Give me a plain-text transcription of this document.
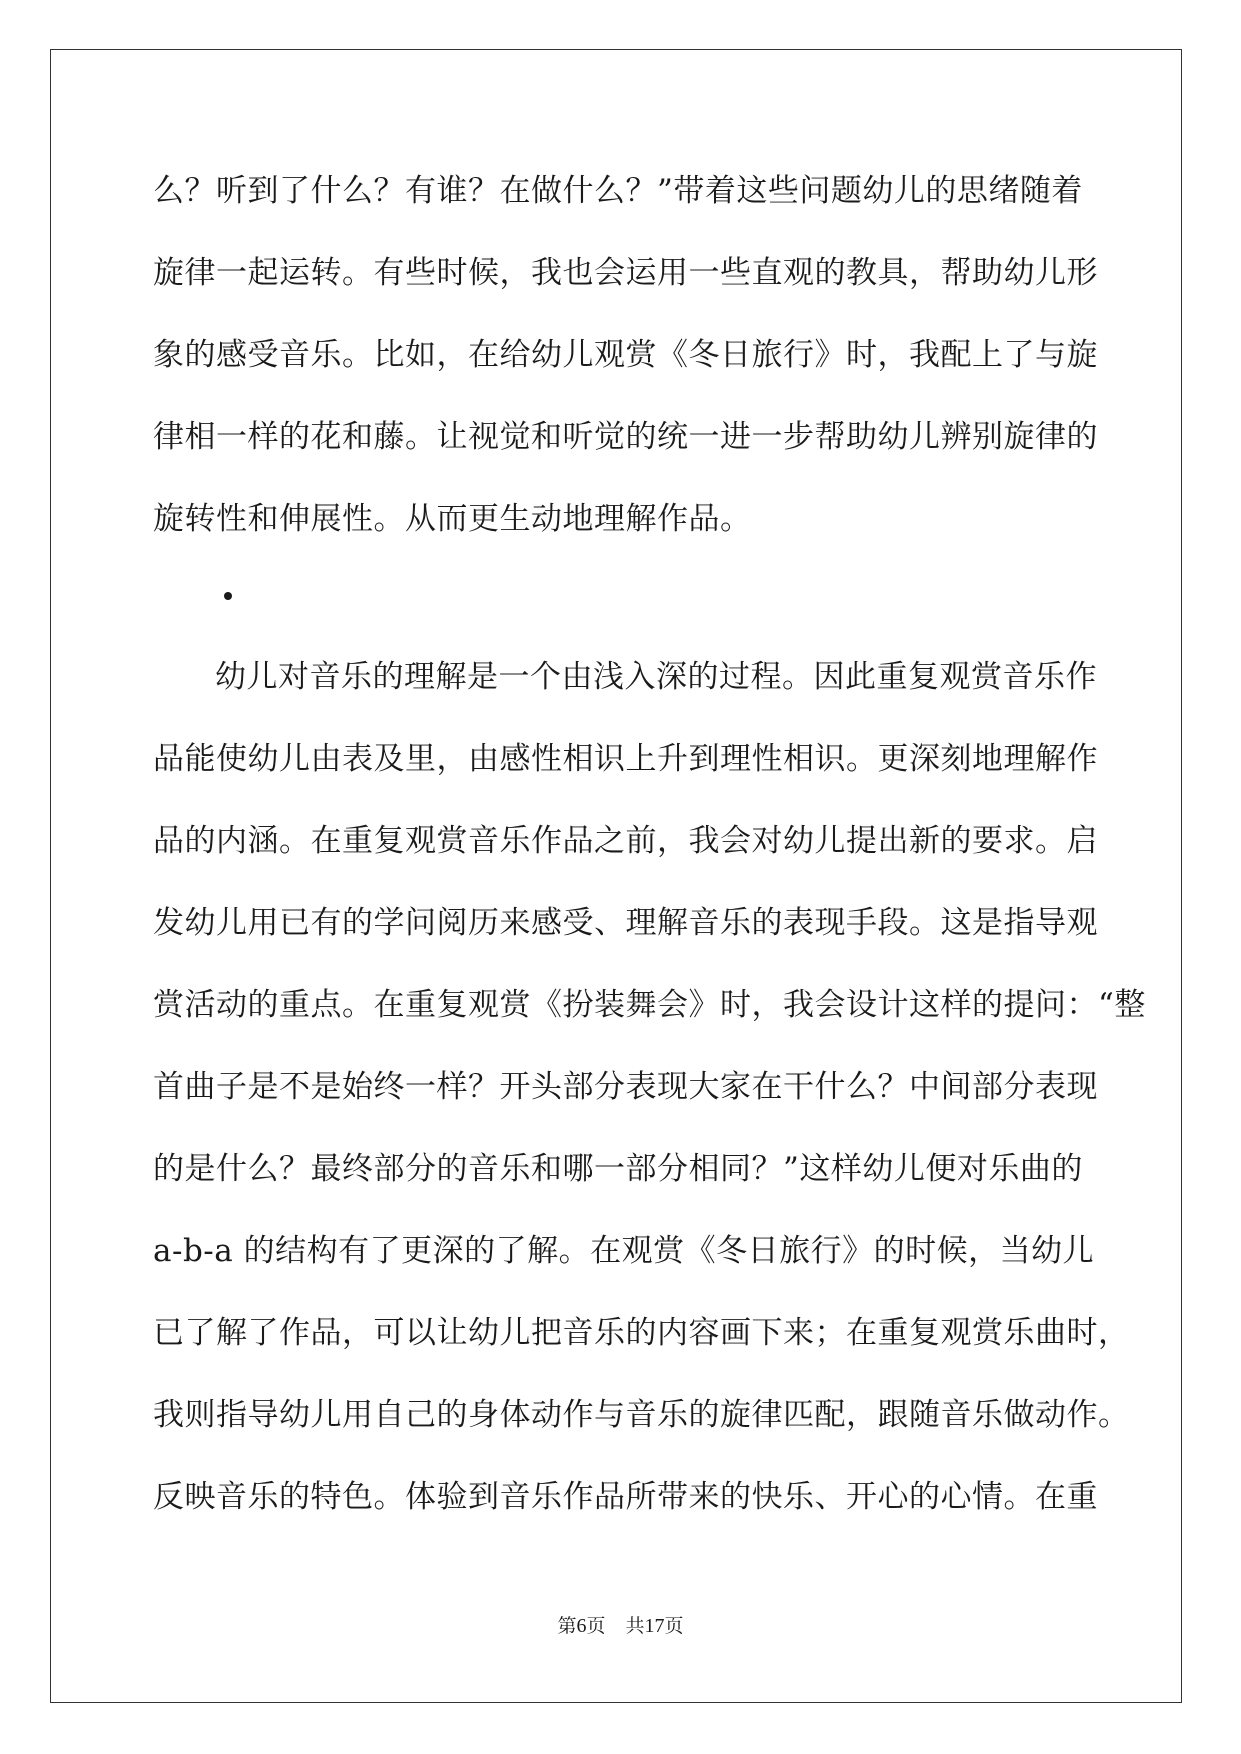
么？听到了什么？有谁？在做什么？”带着这些问题幼儿的思绪随着
旋律一起运转。有些时候，我也会运用一些直观的教具，帮助幼儿形
象的感受音乐。比如，在给幼儿观赏《冬日旅行》时，我配上了与旋
律相一样的花和藤。让视觉和听觉的统一进一步帮助幼儿辨别旋律的
旋转性和伸展性。从而更生动地理解作品。
幼儿对音乐的理解是一个由浅入深的过程。因此重复观赏音乐作
品能使幼儿由表及里，由感性相识上升到理性相识。更深刻地理解作
品的内涵。在重复观赏音乐作品之前，我会对幼儿提出新的要求。启
发幼儿用已有的学问阅历来感受、理解音乐的表现手段。这是指导观
赏活动的重点。在重复观赏《扮装舞会》时，我会设计这样的提问：“整
首曲子是不是始终一样？开头部分表现大家在干什么？中间部分表现
的是什么？最终部分的音乐和哪一部分相同？”这样幼儿便对乐曲的
a-b-a 的结构有了更深的了解。在观赏《冬日旅行》的时候，当幼儿
已了解了作品，可以让幼儿把音乐的内容画下来；在重复观赏乐曲时，
我则指导幼儿用自己的身体动作与音乐的旋律匹配，跟随音乐做动作。
反映音乐的特色。体验到音乐作品所带来的快乐、开心的心情。在重
第6页 共17页
